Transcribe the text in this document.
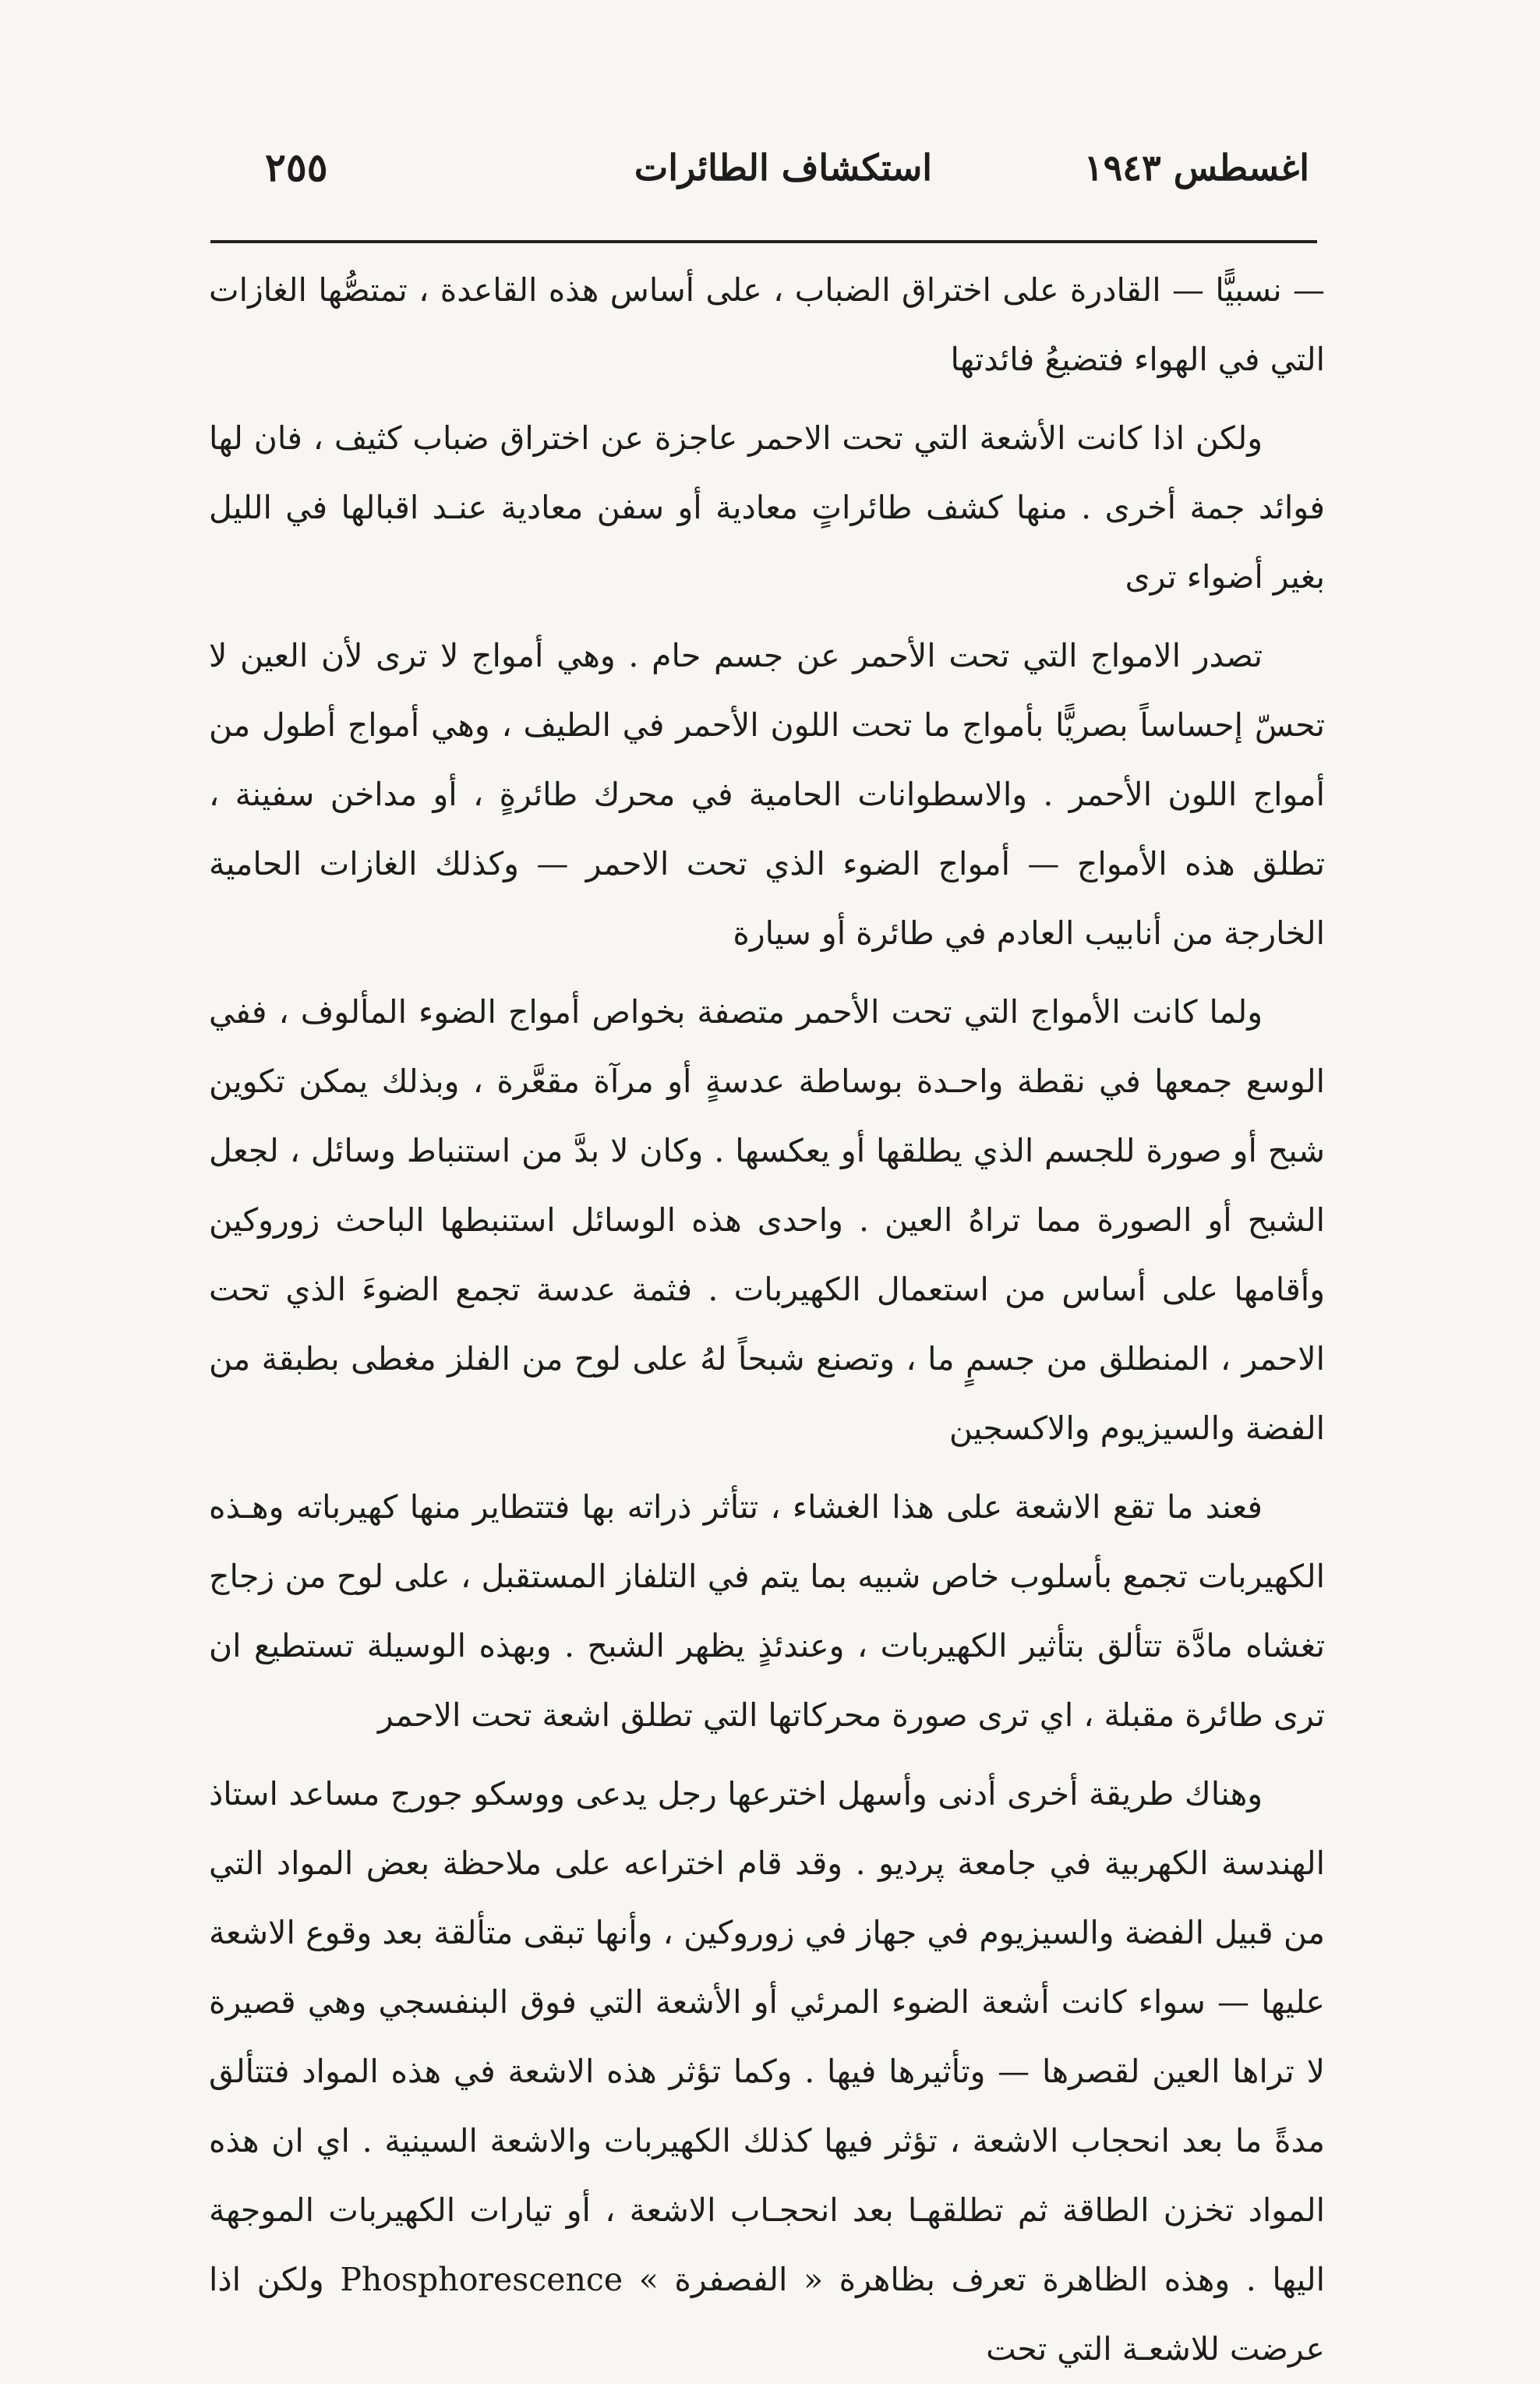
اغسطس ١٩٤٣
استكشاف الطائرات
٢٥٥

— نسبيًّا — القادرة على اختراق الضباب ، على أساس هذه القاعدة ، تمتصُّها الغازات التي في الهواء فتضيعُ فائدتها

ولكن اذا كانت الأشعة التي تحت الاحمر عاجزة عن اختراق ضباب كثيف ، فان لها فوائد جمة أخرى . منها كشف طائراتٍ معادية أو سفن معادية عنـد اقبالها في الليل بغير أضواء ترى

تصدر الامواج التي تحت الأحمر عن جسم حام . وهي أمواج لا ترى لأن العين لا تحسّ إحساساً بصريًّا بأمواج ما تحت اللون الأحمر في الطيف ، وهي أمواج أطول من أمواج اللون الأحمر . والاسطوانات الحامية في محرك طائرةٍ ، أو مداخن سفينة ، تطلق هذه الأمواج — أمواج الضوء الذي تحت الاحمر — وكذلك الغازات الحامية الخارجة من أنابيب العادم في طائرة أو سيارة

ولما كانت الأمواج التي تحت الأحمر متصفة بخواص أمواج الضوء المألوف ، ففي الوسع جمعها في نقطة واحـدة بوساطة عدسةٍ أو مرآة مقعَّرة ، وبذلك يمكن تكوين شبح أو صورة للجسم الذي يطلقها أو يعكسها . وكان لا بدَّ من استنباط وسائل ، لجعل الشبح أو الصورة مما تراهُ العين . واحدى هذه الوسائل استنبطها الباحث زوروكين وأقامها على أساس من استعمال الكهيربات . فثمة عدسة تجمع الضوءَ الذي تحت الاحمر ، المنطلق من جسمٍ ما ، وتصنع شبحاً لهُ على لوح من الفلز مغطى بطبقة من الفضة والسيزيوم والاكسجين

فعند ما تقع الاشعة على هذا الغشاء ، تتأثر ذراته بها فتتطاير منها كهيرباته وهـذه الكهيربات تجمع بأسلوب خاص شبيه بما يتم في التلفاز المستقبل ، على لوح من زجاج تغشاه مادَّة تتألق بتأثير الكهيربات ، وعندئذٍ يظهر الشبح . وبهذه الوسيلة تستطيع ان ترى طائرة مقبلة ، اي ترى صورة محركاتها التي تطلق اشعة تحت الاحمر

وهناك طريقة أخرى أدنى وأسهل اخترعها رجل يدعى ووسكو جورج مساعد استاذ الهندسة الكهربية في جامعة پرديو . وقد قام اختراعه على ملاحظة بعض المواد التي من قبيل الفضة والسيزيوم في جهاز في زوروكين ، وأنها تبقى متألقة بعد وقوع الاشعة عليها — سواء كانت أشعة الضوء المرئي أو الأشعة التي فوق البنفسجي وهي قصيرة لا تراها العين لقصرها — وتأثيرها فيها . وكما تؤثر هذه الاشعة في هذه المواد فتتألق مدةً ما بعد انحجاب الاشعة ، تؤثر فيها كذلك الكهيربات والاشعة السينية . اي ان هذه المواد تخزن الطاقة ثم تطلقهـا بعد انحجـاب الاشعة ، أو تيارات الكهيربات الموجهة اليها . وهذه الظاهرة تعرف بظاهرة « الفصفرة » Phosphorescence ولكن اذا عرضت للاشعـة التي تحت
